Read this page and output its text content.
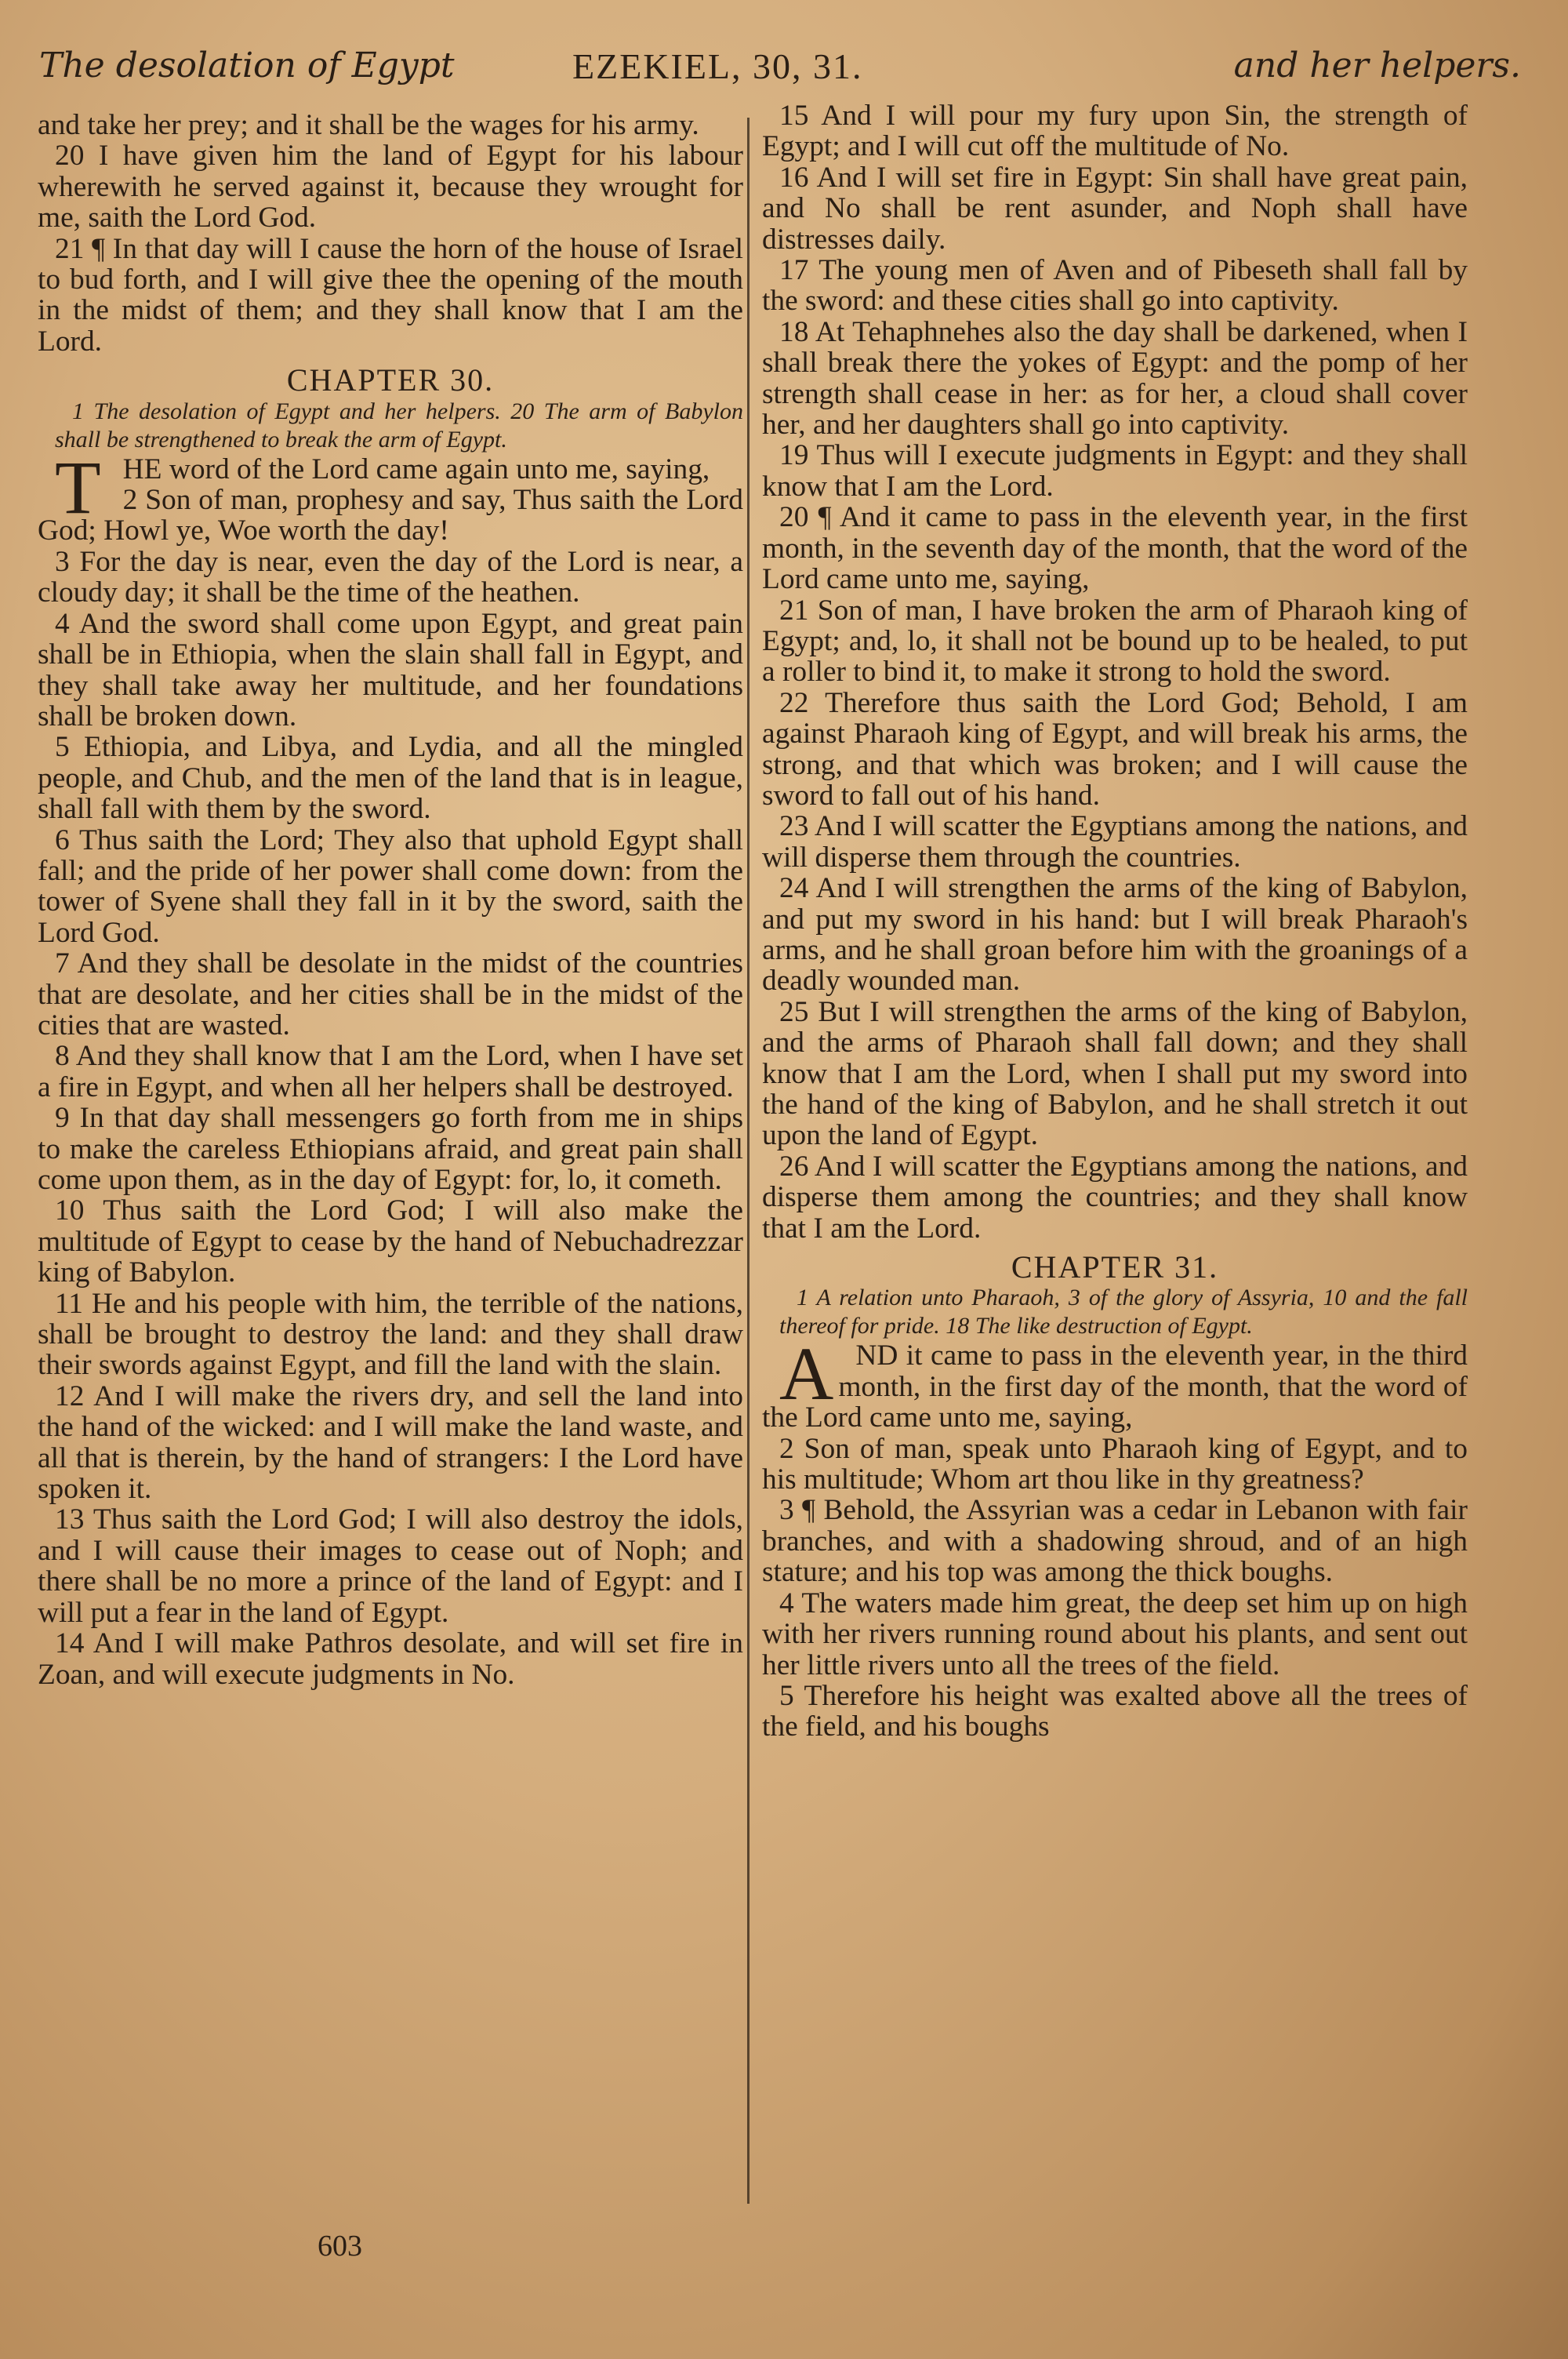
The desolation of Egypt	EZEKIEL, 30, 31.	and her helpers.

and take her prey; and it shall be the wages for his army.

20 I have given him the land of Egypt for his labour wherewith he served against it, because they wrought for me, saith the Lord God.

21 ¶ In that day will I cause the horn of the house of Israel to bud forth, and I will give thee the opening of the mouth in the midst of them; and they shall know that I am the Lord.

CHAPTER 30.

1 The desolation of Egypt and her helpers. 20 The arm of Babylon shall be strengthened to break the arm of Egypt.

THE word of the Lord came again unto me, saying,

2 Son of man, prophesy and say, Thus saith the Lord God; Howl ye, Woe worth the day!

3 For the day is near, even the day of the Lord is near, a cloudy day; it shall be the time of the heathen.

4 And the sword shall come upon Egypt, and great pain shall be in Ethiopia, when the slain shall fall in Egypt, and they shall take away her multitude, and her foundations shall be broken down.

5 Ethiopia, and Libya, and Lydia, and all the mingled people, and Chub, and the men of the land that is in league, shall fall with them by the sword.

6 Thus saith the Lord; They also that uphold Egypt shall fall; and the pride of her power shall come down: from the tower of Syene shall they fall in it by the sword, saith the Lord God.

7 And they shall be desolate in the midst of the countries that are desolate, and her cities shall be in the midst of the cities that are wasted.

8 And they shall know that I am the Lord, when I have set a fire in Egypt, and when all her helpers shall be destroyed.

9 In that day shall messengers go forth from me in ships to make the careless Ethiopians afraid, and great pain shall come upon them, as in the day of Egypt: for, lo, it cometh.

10 Thus saith the Lord God; I will also make the multitude of Egypt to cease by the hand of Nebuchadrezzar king of Babylon.

11 He and his people with him, the terrible of the nations, shall be brought to destroy the land: and they shall draw their swords against Egypt, and fill the land with the slain.

12 And I will make the rivers dry, and sell the land into the hand of the wicked: and I will make the land waste, and all that is therein, by the hand of strangers: I the Lord have spoken it.

13 Thus saith the Lord God; I will also destroy the idols, and I will cause their images to cease out of Noph; and there shall be no more a prince of the land of Egypt: and I will put a fear in the land of Egypt.

14 And I will make Pathros desolate, and will set fire in Zoan, and will execute judgments in No.

15 And I will pour my fury upon Sin, the strength of Egypt; and I will cut off the multitude of No.

16 And I will set fire in Egypt: Sin shall have great pain, and No shall be rent asunder, and Noph shall have distresses daily.

17 The young men of Aven and of Pibeseth shall fall by the sword: and these cities shall go into captivity.

18 At Tehaphnehes also the day shall be darkened, when I shall break there the yokes of Egypt: and the pomp of her strength shall cease in her: as for her, a cloud shall cover her, and her daughters shall go into captivity.

19 Thus will I execute judgments in Egypt: and they shall know that I am the Lord.

20 ¶ And it came to pass in the eleventh year, in the first month, in the seventh day of the month, that the word of the Lord came unto me, saying,

21 Son of man, I have broken the arm of Pharaoh king of Egypt; and, lo, it shall not be bound up to be healed, to put a roller to bind it, to make it strong to hold the sword.

22 Therefore thus saith the Lord God; Behold, I am against Pharaoh king of Egypt, and will break his arms, the strong, and that which was broken; and I will cause the sword to fall out of his hand.

23 And I will scatter the Egyptians among the nations, and will disperse them through the countries.

24 And I will strengthen the arms of the king of Babylon, and put my sword in his hand: but I will break Pharaoh's arms, and he shall groan before him with the groanings of a deadly wounded man.

25 But I will strengthen the arms of the king of Babylon, and the arms of Pharaoh shall fall down; and they shall know that I am the Lord, when I shall put my sword into the hand of the king of Babylon, and he shall stretch it out upon the land of Egypt.

26 And I will scatter the Egyptians among the nations, and disperse them among the countries; and they shall know that I am the Lord.

CHAPTER 31.

1 A relation unto Pharaoh, 3 of the glory of Assyria, 10 and the fall thereof for pride. 18 The like destruction of Egypt.

AND it came to pass in the eleventh year, in the third month, in the first day of the month, that the word of the Lord came unto me, saying,

2 Son of man, speak unto Pharaoh king of Egypt, and to his multitude; Whom art thou like in thy greatness?

3 ¶ Behold, the Assyrian was a cedar in Lebanon with fair branches, and with a shadowing shroud, and of an high stature; and his top was among the thick boughs.

4 The waters made him great, the deep set him up on high with her rivers running round about his plants, and sent out her little rivers unto all the trees of the field.

5 Therefore his height was exalted above all the trees of the field, and his boughs

603
